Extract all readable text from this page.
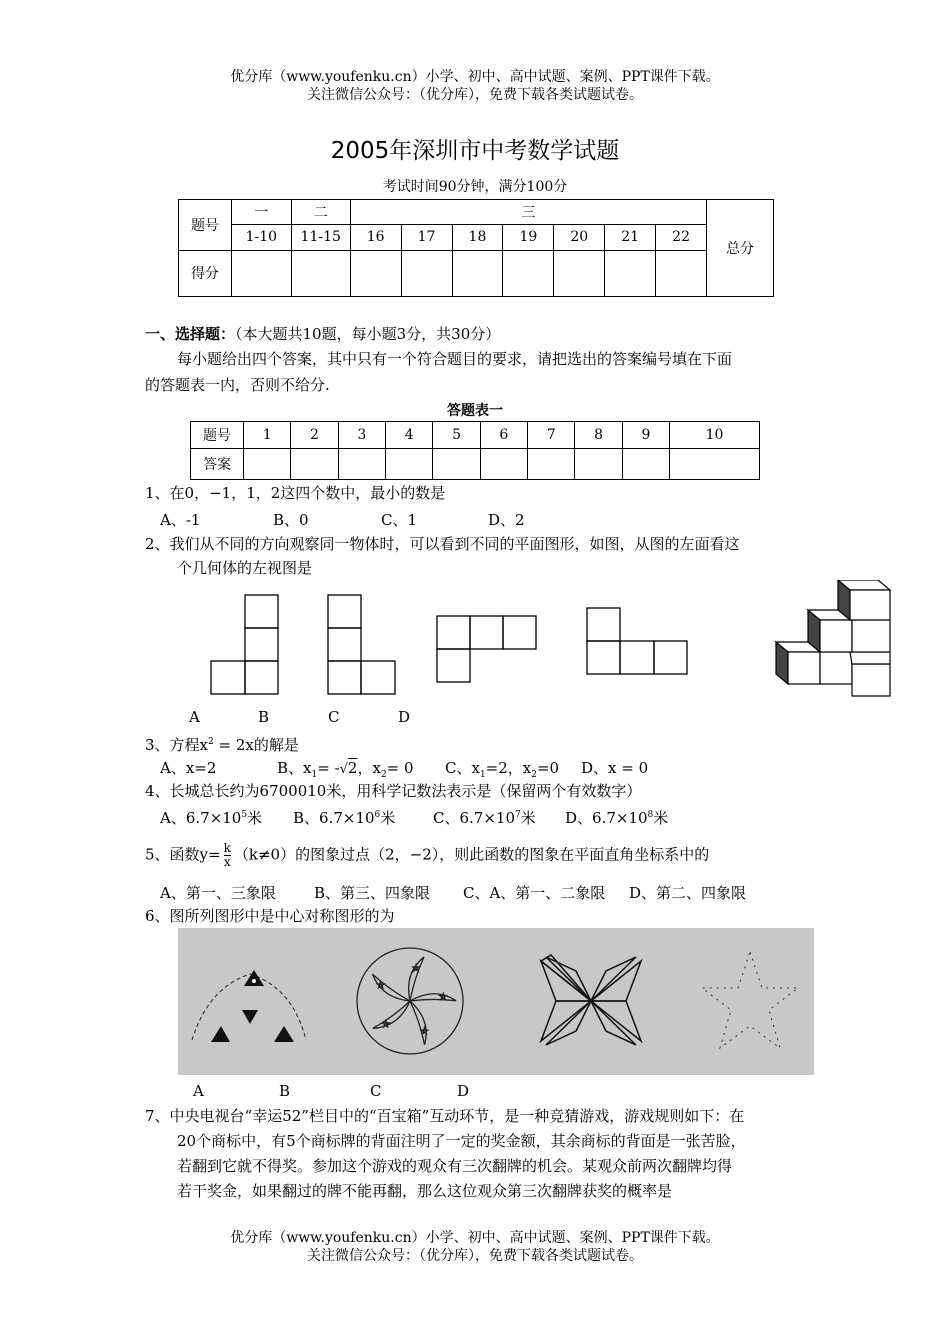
优分库（www.youfenku.cn）小学、初中、高中试题、案例、PPT课件下载。
关注微信公众号：（优分库），免费下载各类试题试卷。
2005年深圳市中考数学试题
考试时间90分钟，满分100分
题号	一	二	三							总分
	1-10	11-15	16	17	18	19	20	21	22	
得分										
一、选择题：（本大题共10题，每小题3分，共30分）
每小题给出四个答案，其中只有一个符合题目的要求，请把选出的答案编号填在下面
的答题表一内，否则不给分.
答题表一
题号	1	2	3	4	5	6	7	8	9	10
答案										
1、在0，−1，1，2这四个数中，最小的数是
A、-1	B、0	C、1	D、2
2、我们从不同的方向观察同一物体时，可以看到不同的平面图形，如图，从图的左面看这
个几何体的左视图是
A	B	C	D
3、方程$x^2 = 2x$的解是
A、x=2	B、$x_1= -√2$，$x_2= 0$ C、$x_1=2$，$x_2=0$ D、x = 0
4、长城总长约为6700010米，用科学记数法表示是（保留两个有效数字）
A、$6.7\times 10^5$米 B、$6.7\times 10^6$米	C、$6.7\times 10^7$米 D、$6.7\times 10^8$米
5、函数$y= \frac{k}{x} (k\ne 0)$的图象过点（2，−2），则此函数的图象在平面直角坐标系中的
A、第一、三象限	B、第三、四象限 C、A、第一、二象限 D、第二、四象限
6、图所列图形中是中心对称图形的为
A	B	C	D
7、中央电视台“幸运52”栏目中的“百宝箱”互动环节，是一种竞猜游戏，游戏规则如下：在
20个商标中，有5个商标牌的背面注明了一定的奖金额，其余商标的背面是一张苦脸，
若翻到它就不得奖。参加这个游戏的观众有三次翻牌的机会。某观众前两次翻牌均得
若干奖金，如果翻过的牌不能再翻，那么这位观众第三次翻牌获奖的概率是
优分库（www.youfenku.cn）小学、初中、高中试题、案例、PPT课件下载。
关注微信公众号：（优分库），免费下载各类试题试卷。
